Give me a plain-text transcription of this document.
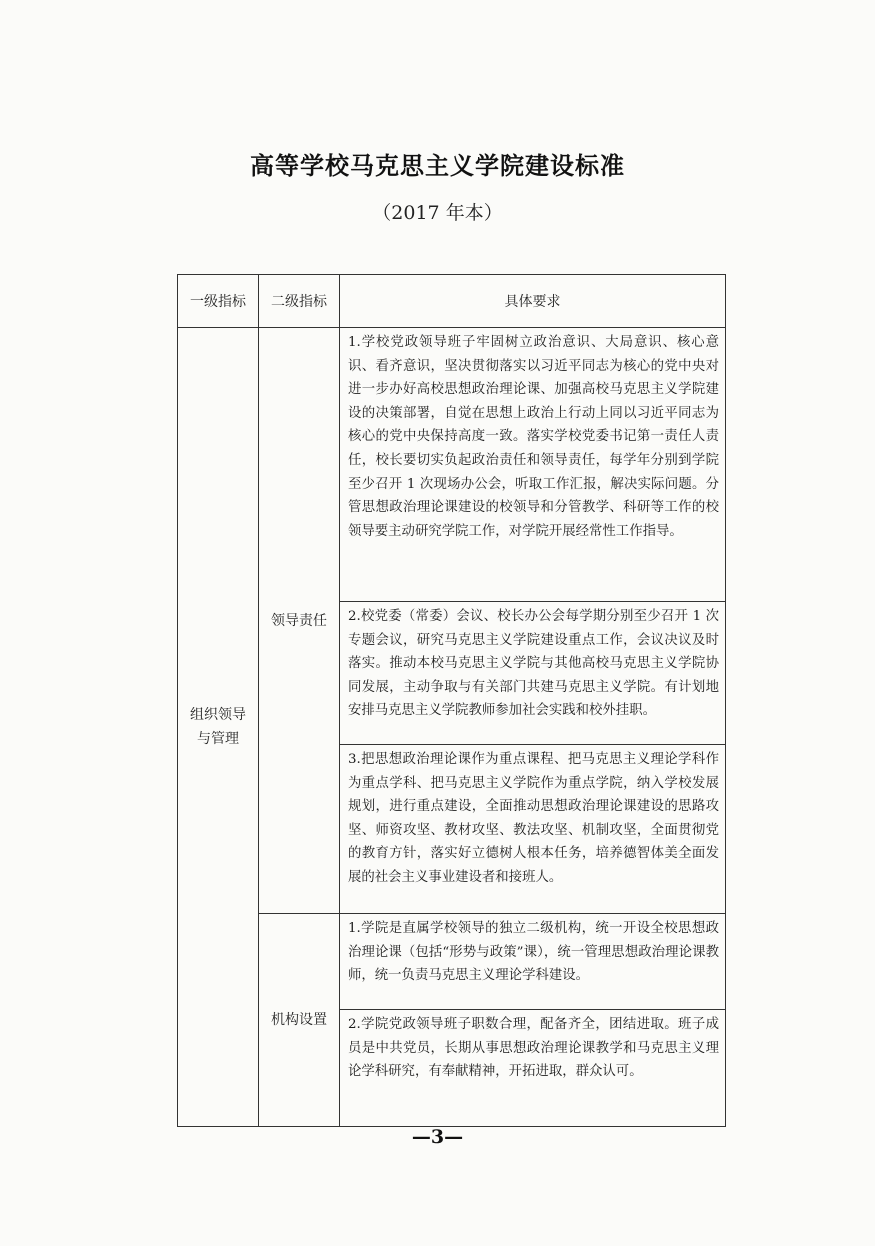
高等学校马克思主义学院建设标准
（2017 年本）
一级指标	二级指标	具体要求

组织领导与管理	领导责任	1.学校党政领导班子牢固树立政治意识、大局意识、核心意识、看齐意识，坚决贯彻落实以习近平同志为核心的党中央对进一步办好高校思想政治理论课、加强高校马克思主义学院建设的决策部署，自觉在思想上政治上行动上同以习近平同志为核心的党中央保持高度一致。落实学校党委书记第一责任人责任，校长要切实负起政治责任和领导责任，每学年分别到学院至少召开 1 次现场办公会，听取工作汇报，解决实际问题。分管思想政治理论课建设的校领导和分管教学、科研等工作的校领导要主动研究学院工作，对学院开展经常性工作指导。
		2.校党委（常委）会议、校长办公会每学期分别至少召开 1 次专题会议，研究马克思主义学院建设重点工作，会议决议及时落实。推动本校马克思主义学院与其他高校马克思主义学院协同发展，主动争取与有关部门共建马克思主义学院。有计划地安排马克思主义学院教师参加社会实践和校外挂职。
		3.把思想政治理论课作为重点课程、把马克思主义理论学科作为重点学科、把马克思主义学院作为重点学院，纳入学校发展规划，进行重点建设，全面推动思想政治理论课建设的思路攻坚、师资攻坚、教材攻坚、教法攻坚、机制攻坚，全面贯彻党的教育方针，落实好立德树人根本任务，培养德智体美全面发展的社会主义事业建设者和接班人。
	机构设置	1.学院是直属学校领导的独立二级机构，统一开设全校思想政治理论课（包括“形势与政策”课），统一管理思想政治理论课教师，统一负责马克思主义理论学科建设。
		2.学院党政领导班子职数合理，配备齐全，团结进取。班子成员是中共党员，长期从事思想政治理论课教学和马克思主义理论学科研究，有奉献精神，开拓进取，群众认可。
—3—
